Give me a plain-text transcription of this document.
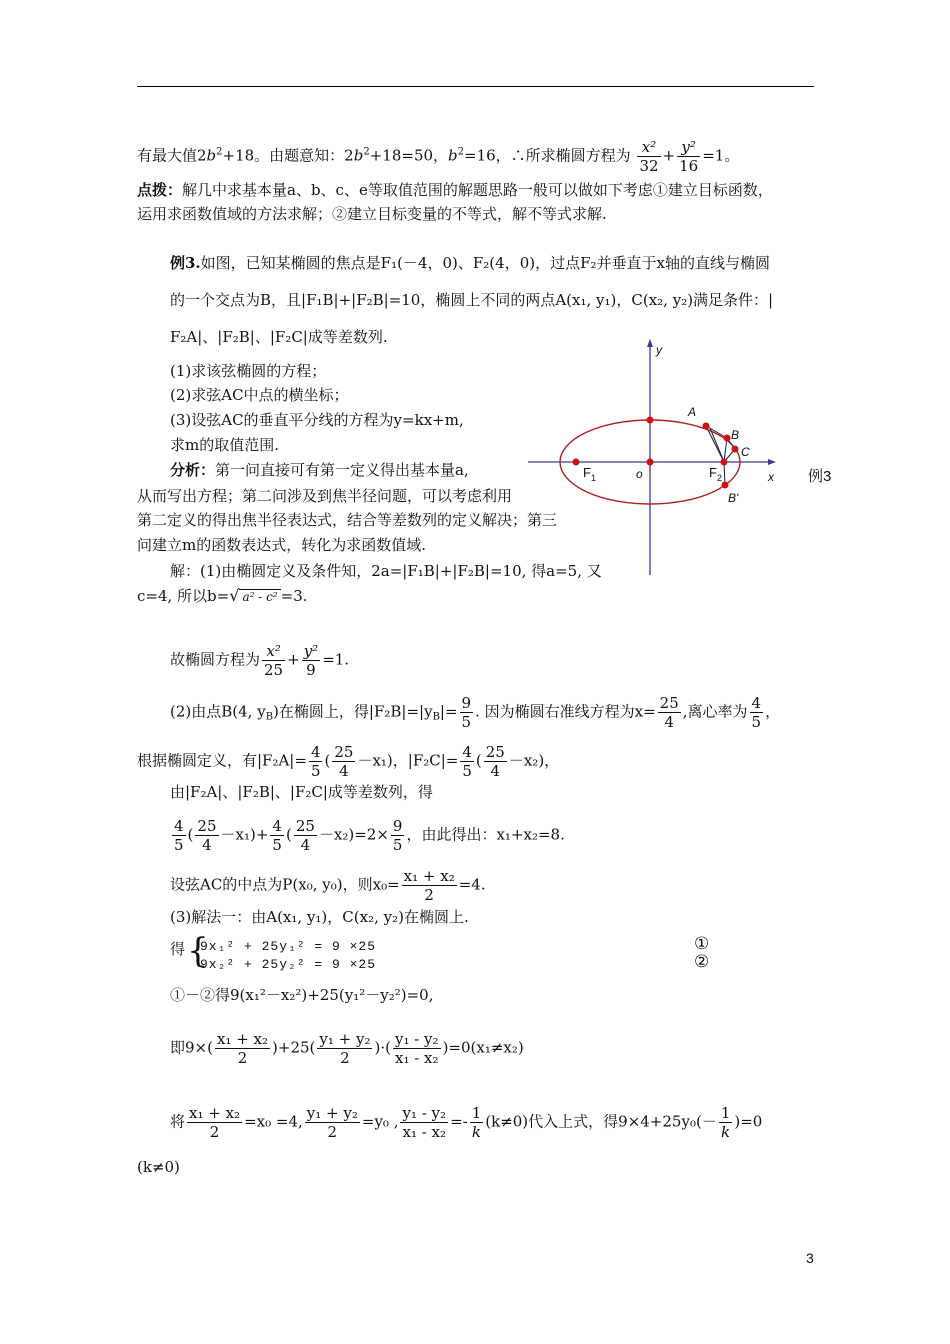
有最大值$2b^2+18$。由题意知：$2b^2+18=50$，$b^2=16$，∴所求椭圆方程为 $\frac{\text{x²}}{32} + \frac{\text{y²}}{16} =1$。
点拨：解几中求基本量a、b、c、e等取值范围的解题思路一般可以做如下考虑①建立目标函数，
运用求函数值域的方法求解；②建立目标变量的不等式，解不等式求解.
例3.如图，已知某椭圆的焦点是F₁(－4，0)、F₂(4，0)，过点F₂并垂直于x轴的直线与椭圆
的一个交点为B，且|F₁B|+|F₂B|=10，椭圆上不同的两点A(x₁, y₁)，C(x₂, y₂)满足条件：|
F₂A|、|F₂B|、|F₂C|成等差数列.
(1)求该弦椭圆的方程；
(2)求弦AC中点的横坐标；
(3)设弦AC的垂直平分线的方程为y=kx+m,
求m的取值范围.
分析：第一问直接可有第一定义得出基本量a,
从而写出方程；第二问涉及到焦半径问题，可以考虑利用
第二定义的得出焦半径表达式，结合等差数列的定义解决；第三
问建立m的函数表达式，转化为求函数值域.
y
x
o
F 1	F 2
A
B
C
B'
例3
解：(1)由椭圆定义及条件知，2a=|F₁B|+|F₂B|=10, 得a=5, 又
c=4, 所以b=√ a² - c² =3.
故椭圆方程为 $\frac{\text{x²}}{25} + \frac{\text{y²}}{9} =1$.
(2)由点B(4, $y_B$)在椭圆上，得$|F_2B|=|y_B|= \frac{9}{5}$ . 因为椭圆右准线方程为$x= \frac{25}{4}$ ,离心率为 $\frac{4}{5}$ ，
根据椭圆定义，有$|F_2A|= \frac{4}{5}$ ( $\frac{25}{4} -x_1$)，$|F_2C|= \frac{4}{5}$ ( $\frac{25}{4} -x_2$)，
由|F₂A|、|F₂B|、|F₂C|成等差数列，得
$\frac{4}{5}$ ( $\frac{25}{4} -x_1)+ \frac{4}{5}$ ( $\frac{25}{4} -x_2)=2\times \frac{9}{5}$ ，由此得出：x₁+x₂=8.
设弦AC的中点为P(x₀, y₀)，则$x_0= \frac{\text{x₁ + x₂}}{2} =4$.
(3)解法一：由A(x₁, y₁)，C(x₂, y₂)在椭圆上.
得 {
9x₁² + 25y₁² = 9 ×25
9x₂² + 25y₂² = 9 ×25
①
②
①－②得9(x₁²－x₂²)+25(y₁²－y₂²)=0,
即$9\times( \frac{\text{x₁ + x₂}}{2} )+25( \frac{\text{y₁ + y₂}}{2}$ )·( $\frac{\text{y₁ - y₂}}{\text{x₁ - x₂}} )=0(x_1\ne x_2)$
将 $\frac{\text{x₁ + x₂}}{2} =x_0 =4$, $\frac{\text{y₁ + y₂}}{2} =y_0$ , $\frac{\text{y₁ - y₂}}{\text{x₁ - x₂}} =- \frac{1}{k} (k\ne 0)$代入上式，得$9\times 4+25y_0(- \frac{1}{k} )=0$
(k≠0)
3
